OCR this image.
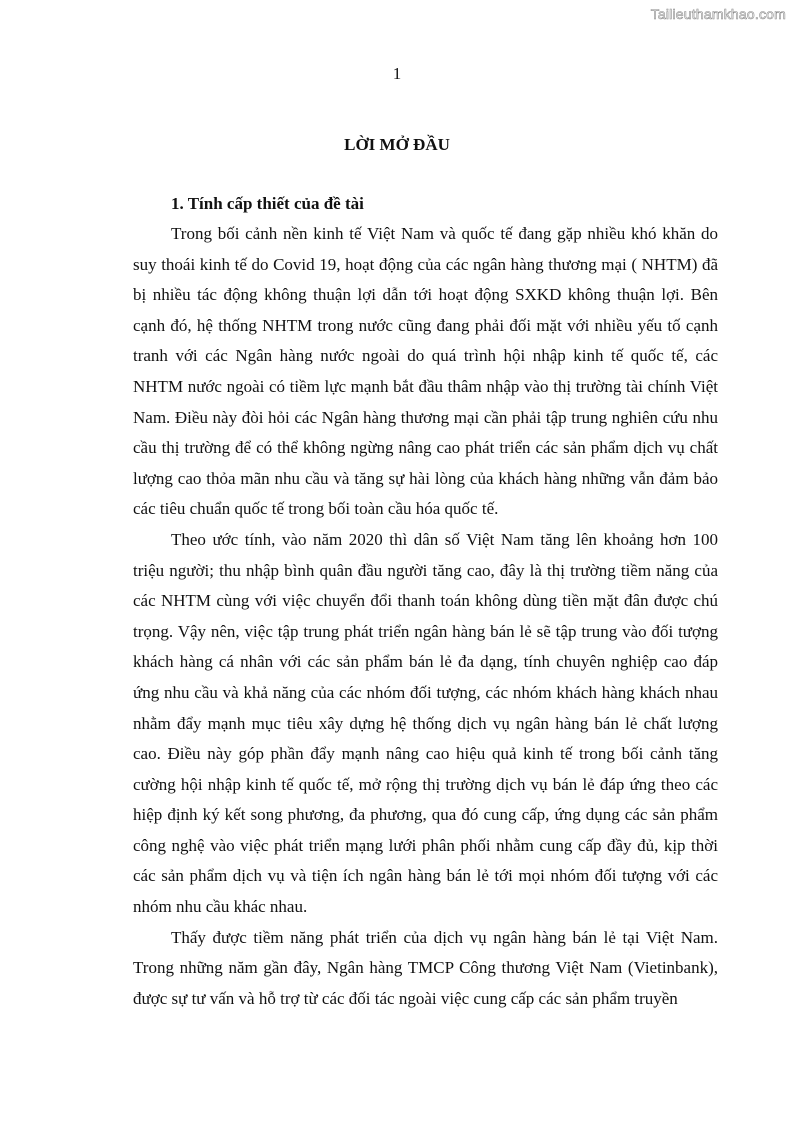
Tailieuthamkhao.com
1
LỜI MỞ ĐẦU
1. Tính cấp thiết của đề tài

Trong bối cảnh nền kinh tế Việt Nam và quốc tế đang gặp nhiều khó khăn do suy thoái kinh tế do Covid 19, hoạt động của các ngân hàng thương mại ( NHTM) đã bị nhiều tác động không thuận lợi dẫn tới hoạt động SXKD không thuận lợi. Bên cạnh đó, hệ thống NHTM trong nước cũng đang phải đối mặt với nhiều yếu tố cạnh tranh với các Ngân hàng nước ngoài do quá trình hội nhập kinh tế quốc tế, các NHTM nước ngoài có tiềm lực mạnh bắt đầu thâm nhập vào thị trường tài chính Việt Nam. Điều này đòi hỏi các Ngân hàng thương mại cần phải tập trung nghiên cứu nhu cầu thị trường để có thể không ngừng nâng cao phát triển các sản phẩm dịch vụ chất lượng cao thỏa mãn nhu cầu và tăng sự hài lòng của khách hàng những vẫn đảm bảo các tiêu chuẩn quốc tế trong bối toàn cầu hóa quốc tế.

Theo ước tính, vào năm 2020 thì dân số Việt Nam tăng lên khoảng hơn 100 triệu người; thu nhập bình quân đầu người tăng cao, đây là thị trường tiềm năng của các NHTM cùng với việc chuyển đổi thanh toán không dùng tiền mặt đân được chú trọng. Vậy nên, việc tập trung phát triển ngân hàng bán lẻ sẽ tập trung vào đối tượng khách hàng cá nhân với các sản phẩm bán lẻ đa dạng, tính chuyên nghiệp cao đáp ứng nhu cầu và khả năng của các nhóm đối tượng, các nhóm khách hàng khách nhau nhằm đẩy mạnh mục tiêu xây dựng hệ thống dịch vụ ngân hàng bán lẻ chất lượng cao. Điều này góp phần đẩy mạnh nâng cao hiệu quả kinh tế trong bối cảnh tăng cường hội nhập kinh tế quốc tế, mở rộng thị trường dịch vụ bán lẻ đáp ứng theo các hiệp định ký kết song phương, đa phương, qua đó cung cấp, ứng dụng các sản phẩm công nghệ vào việc phát triển mạng lưới phân phối nhằm cung cấp đầy đủ, kịp thời các sản phẩm dịch vụ và tiện ích ngân hàng bán lẻ tới mọi nhóm đối tượng với các nhóm nhu cầu khác nhau.

Thấy được tiềm năng phát triển của dịch vụ ngân hàng bán lẻ tại Việt Nam. Trong những năm gần đây, Ngân hàng TMCP Công thương Việt Nam (Vietinbank), được sự tư vấn và hỗ trợ từ các đối tác ngoài việc cung cấp các sản phẩm truyền
